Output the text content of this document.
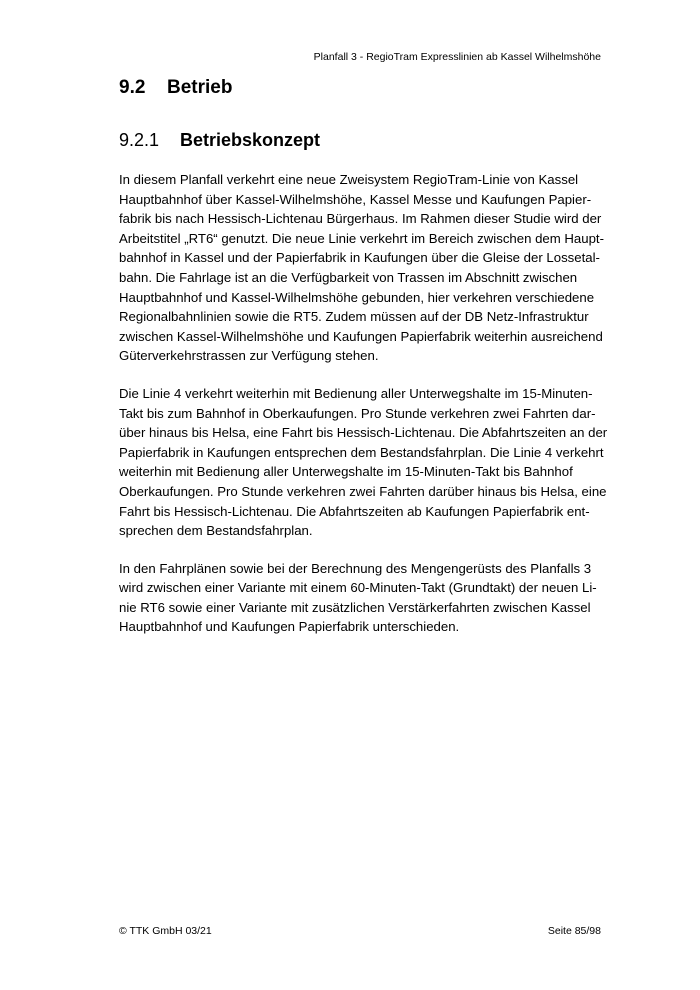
Planfall 3 - RegioTram Expresslinien ab Kassel Wilhelmshöhe
9.2 Betrieb
9.2.1 Betriebskonzept

In diesem Planfall verkehrt eine neue Zweisystem RegioTram-Linie von Kassel
Hauptbahnhof über Kassel-Wilhelmshöhe, Kassel Messe und Kaufungen Papier-
fabrik bis nach Hessisch-Lichtenau Bürgerhaus. Im Rahmen dieser Studie wird der
Arbeitstitel „RT6“ genutzt. Die neue Linie verkehrt im Bereich zwischen dem Haupt-
bahnhof in Kassel und der Papierfabrik in Kaufungen über die Gleise der Lossetal-
bahn. Die Fahrlage ist an die Verfügbarkeit von Trassen im Abschnitt zwischen
Hauptbahnhof und Kassel-Wilhelmshöhe gebunden, hier verkehren verschiedene
Regionalbahnlinien sowie die RT5. Zudem müssen auf der DB Netz-Infrastruktur
zwischen Kassel-Wilhelmshöhe und Kaufungen Papierfabrik weiterhin ausreichend
Güterverkehrstrassen zur Verfügung stehen.

Die Linie 4 verkehrt weiterhin mit Bedienung aller Unterwegshalte im 15-Minuten-
Takt bis zum Bahnhof in Oberkaufungen. Pro Stunde verkehren zwei Fahrten dar-
über hinaus bis Helsa, eine Fahrt bis Hessisch-Lichtenau. Die Abfahrtszeiten an der
Papierfabrik in Kaufungen entsprechen dem Bestandsfahrplan. Die Linie 4 verkehrt
weiterhin mit Bedienung aller Unterwegshalte im 15-Minuten-Takt bis Bahnhof
Oberkaufungen. Pro Stunde verkehren zwei Fahrten darüber hinaus bis Helsa, eine
Fahrt bis Hessisch-Lichtenau. Die Abfahrtszeiten ab Kaufungen Papierfabrik ent-
sprechen dem Bestandsfahrplan.

In den Fahrplänen sowie bei der Berechnung des Mengengerüsts des Planfalls 3
wird zwischen einer Variante mit einem 60-Minuten-Takt (Grundtakt) der neuen Li-
nie RT6 sowie einer Variante mit zusätzlichen Verstärkerfahrten zwischen Kassel
Hauptbahnhof und Kaufungen Papierfabrik unterschieden.

© TTK GmbH 03/21	Seite 85/98
